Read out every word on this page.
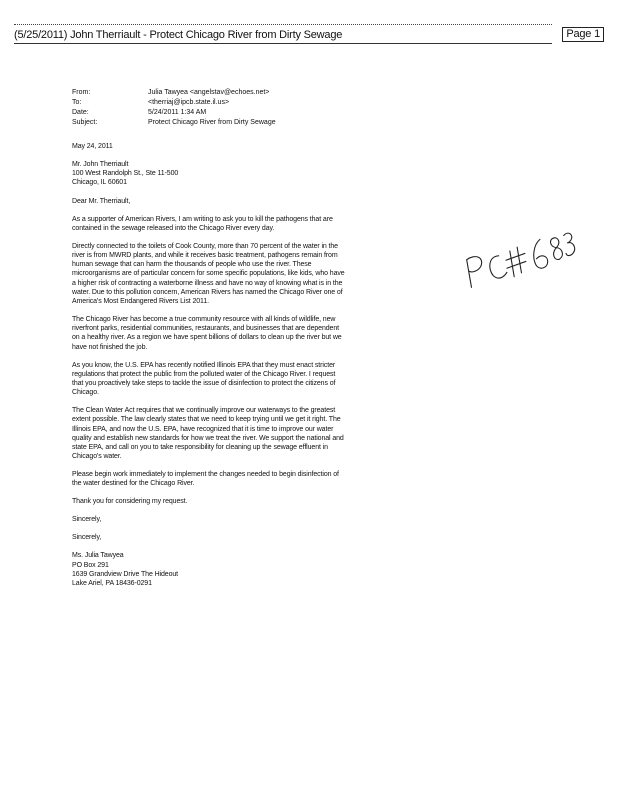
(5/25/2011) John Therriault - Protect Chicago River from Dirty Sewage	Page 1
From:	Julia Tawyea <angelstav@echoes.net>
To:	<therriaj@ipcb.state.il.us>
Date:	5/24/2011 1:34 AM
Subject:	Protect Chicago River from Dirty Sewage

May 24, 2011

Mr. John Therriault
100 West Randolph St., Ste 11-500
Chicago, IL 60601

Dear Mr. Therriault,

As a supporter of American Rivers, I am writing to ask you to kill the pathogens that are contained in the sewage released into the Chicago River every day.

Directly connected to the toilets of Cook County, more than 70 percent of the water in the river is from MWRD plants, and while it receives basic treatment, pathogens remain from human sewage that can harm the thousands of people who use the river. These microorganisms are of particular concern for some specific populations, like kids, who have a higher risk of contracting a waterborne illness and have no way of knowing what is in the water. Due to this pollution concern, American Rivers has named the Chicago River one of America's Most Endangered Rivers List 2011.

The Chicago River has become a true community resource with all kinds of wildlife, new riverfront parks, residential communities, restaurants, and businesses that are dependent on a healthy river. As a region we have spent billions of dollars to clean up the river but we have not finished the job.

As you know, the U.S. EPA has recently notified Illinois EPA that they must enact stricter regulations that protect the public from the polluted water of the Chicago River. I request that you proactively take steps to tackle the issue of disinfection to protect the citizens of Chicago.

The Clean Water Act requires that we continually improve our waterways to the greatest extent possible. The law clearly states that we need to keep trying until we get it right. The Illinois EPA, and now the U.S. EPA, have recognized that it is time to improve our water quality and establish new standards for how we treat the river. We support the national and state EPA, and call on you to take responsibility for cleaning up the sewage effluent in Chicago's water.

Please begin work immediately to implement the changes needed to begin disinfection of the water destined for the Chicago River.

Thank you for considering my request.

Sincerely,

Sincerely,

Ms. Julia Tawyea
PO Box 291
1639 Grandview Drive The Hideout
Lake Ariel, PA 18436-0291
